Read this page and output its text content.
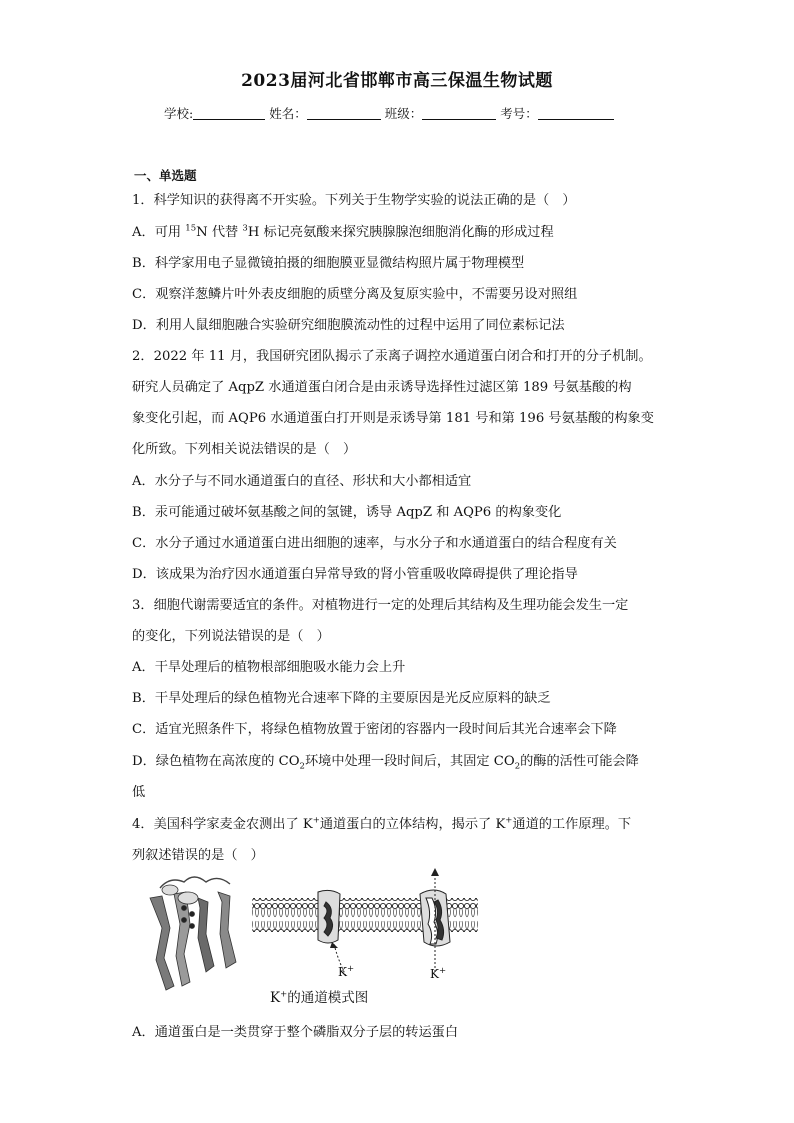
2023届河北省邯郸市高三保温生物试题
学校:	姓名：	班级：	考号：
一、单选题
1．科学知识的获得离不开实验。下列关于生物学实验的说法正确的是（　）
A．可用 $^{15}$N 代替 $^3$H 标记亮氨酸来探究胰腺腺泡细胞消化酶的形成过程
B．科学家用电子显微镜拍摄的细胞膜亚显微结构照片属于物理模型
C．观察洋葱鳞片叶外表皮细胞的质壁分离及复原实验中，不需要另设对照组
D．利用人鼠细胞融合实验研究细胞膜流动性的过程中运用了同位素标记法
2．2022 年 11 月，我国研究团队揭示了汞离子调控水通道蛋白闭合和打开的分子机制。
研究人员确定了 AqpZ 水通道蛋白闭合是由汞诱导选择性过滤区第 189 号氨基酸的构
象变化引起，而 AQP6 水通道蛋白打开则是汞诱导第 181 号和第 196 号氨基酸的构象变
化所致。下列相关说法错误的是（　）
A．水分子与不同水通道蛋白的直径、形状和大小都相适宜
B．汞可能通过破坏氨基酸之间的氢键，诱导 AqpZ 和 AQP6 的构象变化
C．水分子通过水通道蛋白进出细胞的速率，与水分子和水通道蛋白的结合程度有关
D．该成果为治疗因水通道蛋白异常导致的肾小管重吸收障碍提供了理论指导
3．细胞代谢需要适宜的条件。对植物进行一定的处理后其结构及生理功能会发生一定
的变化，下列说法错误的是（　）
A．干旱处理后的植物根部细胞吸水能力会上升
B．干旱处理后的绿色植物光合速率下降的主要原因是光反应原料的缺乏
C．适宜光照条件下，将绿色植物放置于密闭的容器内一段时间后其光合速率会下降
D．绿色植物在高浓度的 $CO_2$环境中处理一段时间后，其固定 $CO_2$的酶的活性可能会降
低
4．美国科学家麦金农测出了 K+通道蛋白的立体结构，揭示了 K+通道的工作原理。下
列叙述错误的是（　）
K+	K+
K+的通道模式图
A．通道蛋白是一类贯穿于整个磷脂双分子层的转运蛋白
